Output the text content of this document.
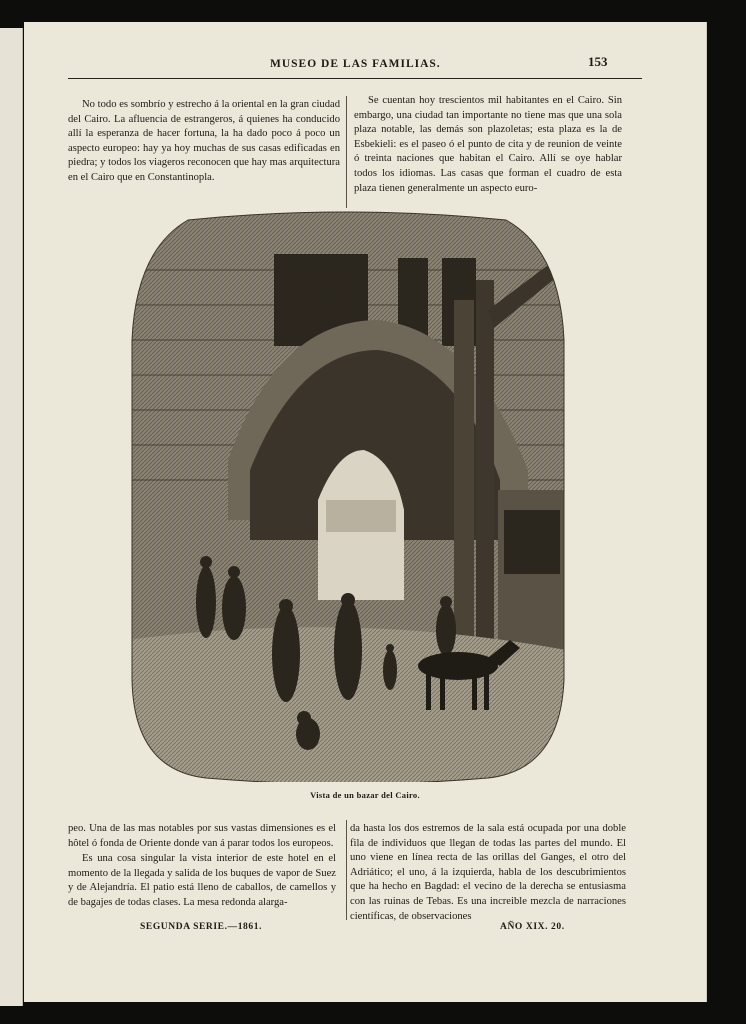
MUSEO DE LAS FAMILIAS.	153

No todo es sombrío y estrecho á la oriental en la gran ciudad del Cairo. La afluencia de estrangeros, á quienes ha conducido allí la esperanza de hacer fortuna, la ha dado poco á poco un aspecto europeo: hay ya hoy muchas de sus casas edificadas en piedra; y todos los viageros reconocen que hay mas arquitectura en el Cairo que en Constantinopla.

Se cuentan hoy trescientos mil habitantes en el Cairo. Sin embargo, una ciudad tan importante no tiene mas que una sola plaza notable, las demás son plazoletas; esta plaza es la de Esbekieli: es el paseo ó el punto de cita y de reunion de veinte ó treinta naciones que habitan el Cairo. Allí se oye hablar todos los idiomas. Las casas que forman el cuadro de esta plaza tienen generalmente un aspecto euro-

Vista de un bazar del Cairo.

peo. Una de las mas notables por sus vastas dimensiones es el hôtel ó fonda de Oriente donde van á parar todos los europeos.

Es una cosa singular la vista interior de este hotel en el momento de la llegada y salida de los buques de vapor de Suez y de Alejandría. El patio está lleno de caballos, de camellos y de bagajes de todas clases. La mesa redonda alarga-

da hasta los dos estremos de la sala está ocupada por una doble fila de individuos que llegan de todas las partes del mundo. El uno viene en línea recta de las orillas del Ganges, el otro del Adriático; el uno, á la izquierda, habla de los descubrimientos que ha hecho en Bagdad: el vecino de la derecha se entusiasma con las ruinas de Tebas. Es una increible mezcla de narraciones científicas, de observaciones

SEGUNDA SERIE.—1861.	AÑO XIX. 20.
